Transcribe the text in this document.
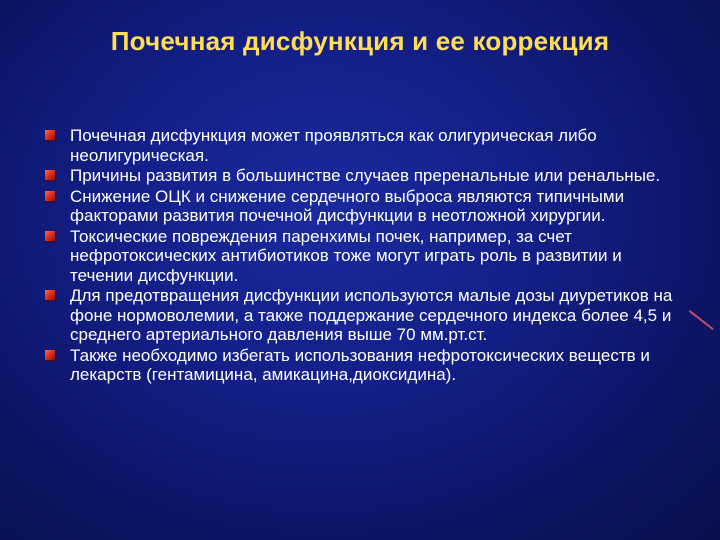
Почечная дисфункция и ее коррекция
Почечная дисфункция может проявляться как олигурическая либо неолигурическая.
Причины развития в большинстве случаев преренальные или ренальные.
Снижение ОЦК и снижение сердечного выброса являются типичными факторами развития почечной дисфункции в неотложной хирургии.
Токсические повреждения паренхимы почек, например, за счет нефротоксических антибиотиков тоже могут играть роль в развитии и течении дисфункции.
Для предотвращения дисфункции используются малые дозы диуретиков на фоне нормоволемии, а также поддержание сердечного индекса более 4,5 и среднего артериального давления выше 70 мм.рт.ст.
Также необходимо избегать использования нефротоксических веществ и лекарств (гентамицина, амикацина,диоксидина).
